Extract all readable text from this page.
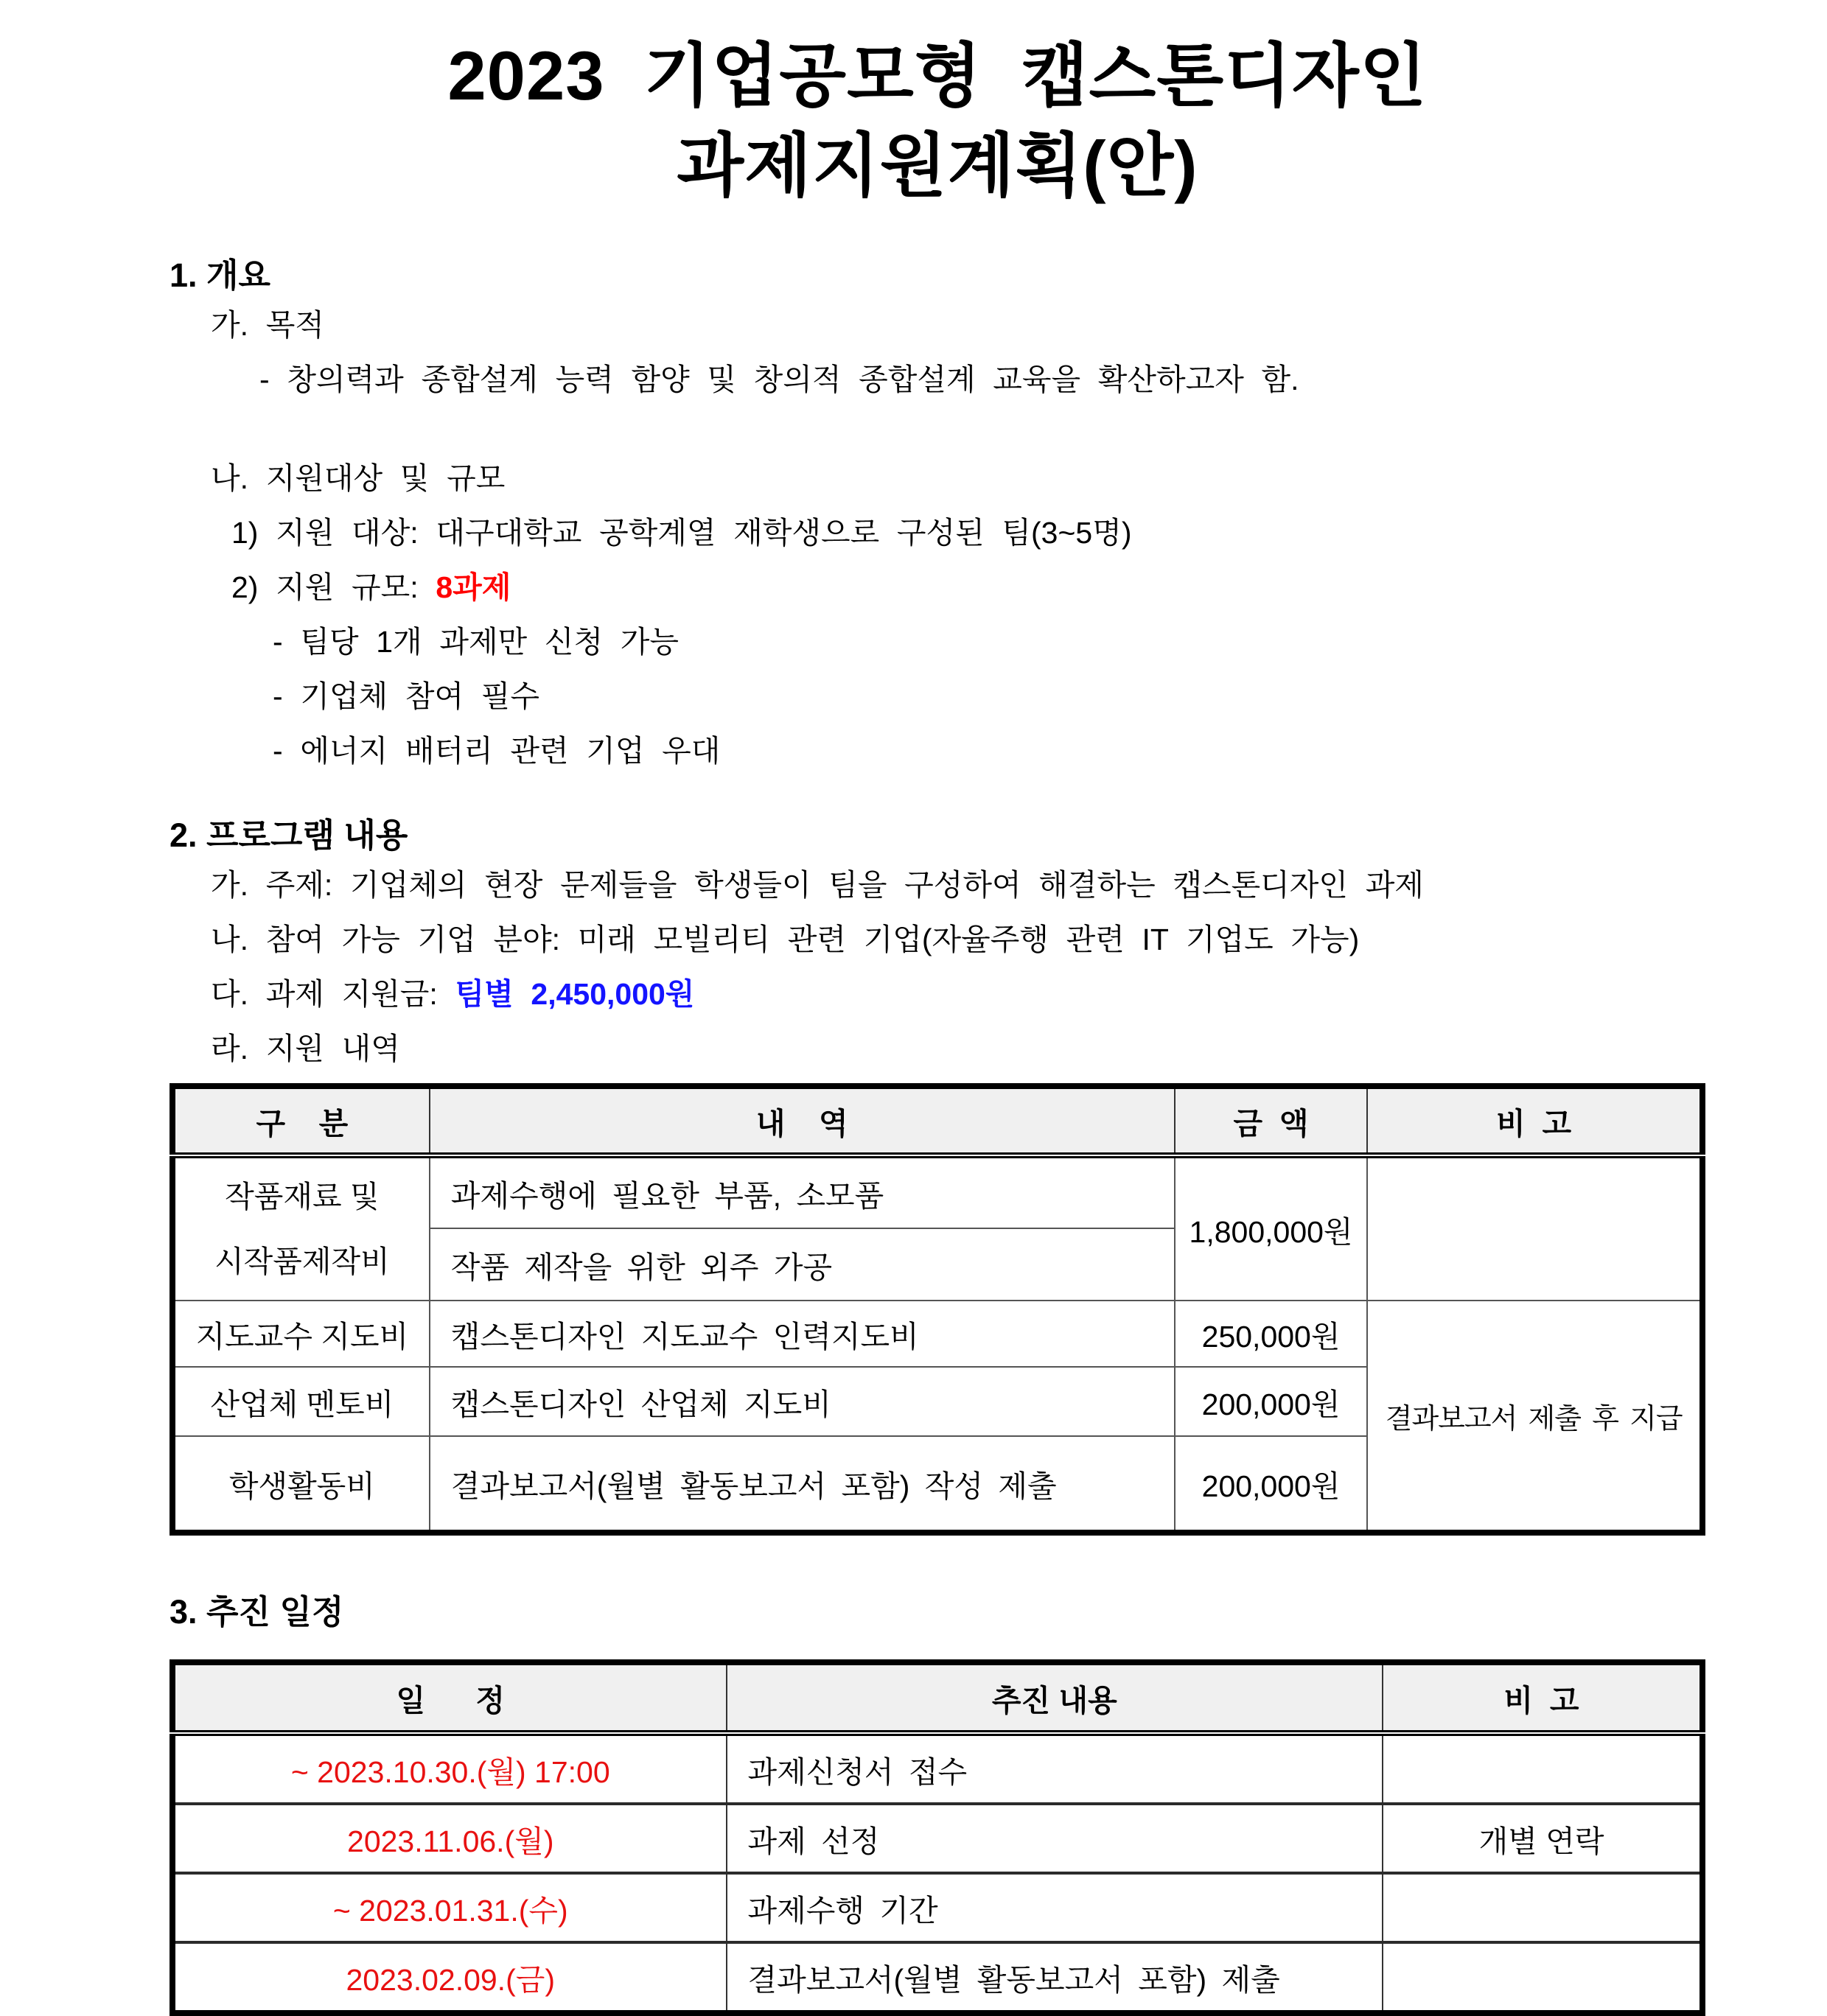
2023 기업공모형 캡스톤디자인
과제지원계획(안)
1. 개요
가. 목적
- 창의력과 종합설계 능력 함양 및 창의적 종합설계 교육을 확산하고자 함.
나. 지원대상 및 규모
1) 지원 대상: 대구대학교 공학계열 재학생으로 구성된 팀(3~5명)
2) 지원 규모: 8과제
- 팀당 1개 과제만 신청 가능
- 기업체 참여 필수
- 에너지 배터리 관련 기업 우대
2. 프로그램 내용
가. 주제: 기업체의 현장 문제들을 학생들이 팀을 구성하여 해결하는 캡스톤디자인 과제
나. 참여 가능 기업 분야: 미래 모빌리티 관련 기업(자율주행 관련 IT 기업도 가능)
다. 과제 지원금: 팀별 2,450,000원
라. 지원 내역
구    분	내    역	금  액	비  고

작품재료 및
시작품제작비	과제수행에 필요한 부품, 소모품	1,800,000원	
	작품 제작을 위한 외주 가공		
지도교수 지도비	캡스톤디자인 지도교수 인력지도비	250,000원	결과보고서 제출 후 지급
산업체 멘토비	캡스톤디자인 산업체 지도비	200,000원	
학생활동비	결과보고서(월별 활동보고서 포함) 작성 제출	200,000원	
3. 추진 일정
일      정	추진 내용	비  고
~ 2023.10.30.(월) 17:00	과제신청서 접수	
2023.11.06.(월)	과제 선정	개별 연락
~ 2023.01.31.(수)	과제수행 기간	
2023.02.09.(금)	결과보고서(월별 활동보고서 포함) 제출	
